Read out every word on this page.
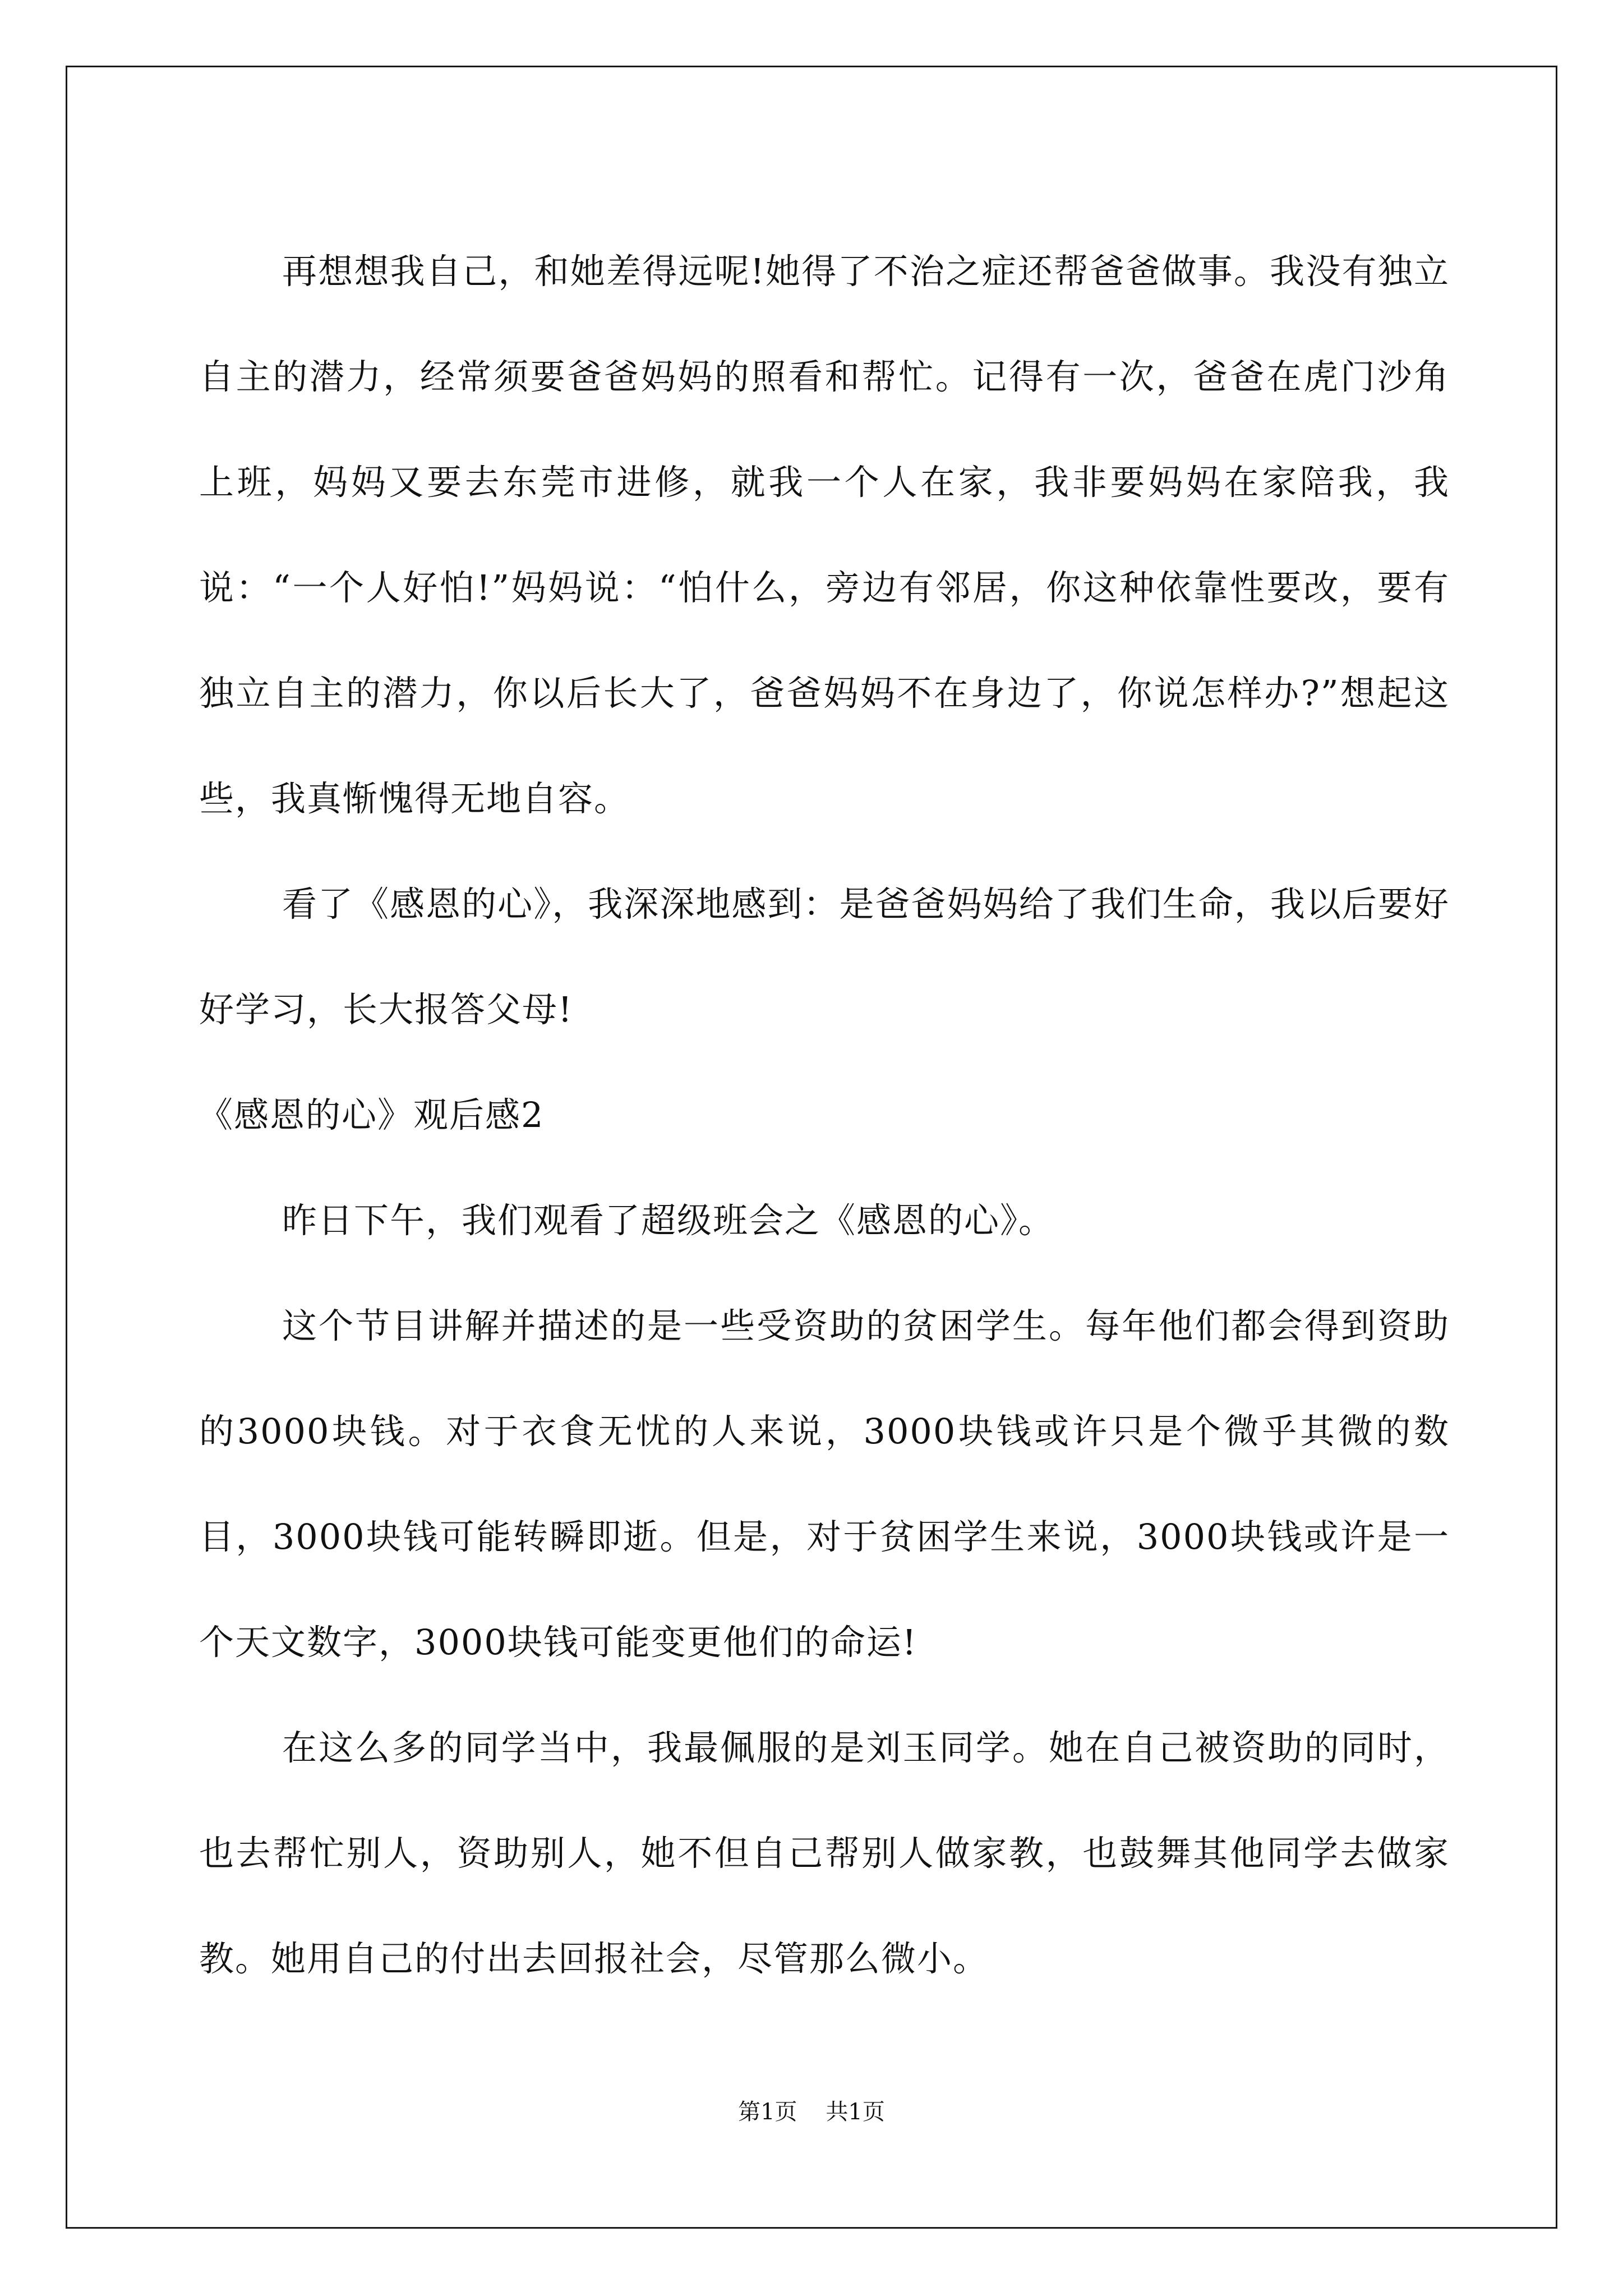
再想想我自己，和她差得远呢!她得了不治之症还帮爸爸做事。我没有独立自主的潜力，经常须要爸爸妈妈的照看和帮忙。记得有一次，爸爸在虎门沙角上班，妈妈又要去东莞市进修，就我一个人在家，我非要妈妈在家陪我，我说：“一个人好怕!”妈妈说：“怕什么，旁边有邻居，你这种依靠性要改，要有独立自主的潜力，你以后长大了，爸爸妈妈不在身边了，你说怎样办?”想起这些，我真惭愧得无地自容。

看了《感恩的心》，我深深地感到：是爸爸妈妈给了我们生命，我以后要好好学习，长大报答父母!

《感恩的心》观后感2

昨日下午，我们观看了超级班会之《感恩的心》。

这个节目讲解并描述的是一些受资助的贫困学生。每年他们都会得到资助的3000块钱。对于衣食无忧的人来说，3000块钱或许只是个微乎其微的数目，3000块钱可能转瞬即逝。但是，对于贫困学生来说，3000块钱或许是一个天文数字，3000块钱可能变更他们的命运!

在这么多的同学当中，我最佩服的是刘玉同学。她在自己被资助的同时，也去帮忙别人，资助别人，她不但自己帮别人做家教，也鼓舞其他同学去做家教。她用自己的付出去回报社会，尽管那么微小。

第1页 共1页
